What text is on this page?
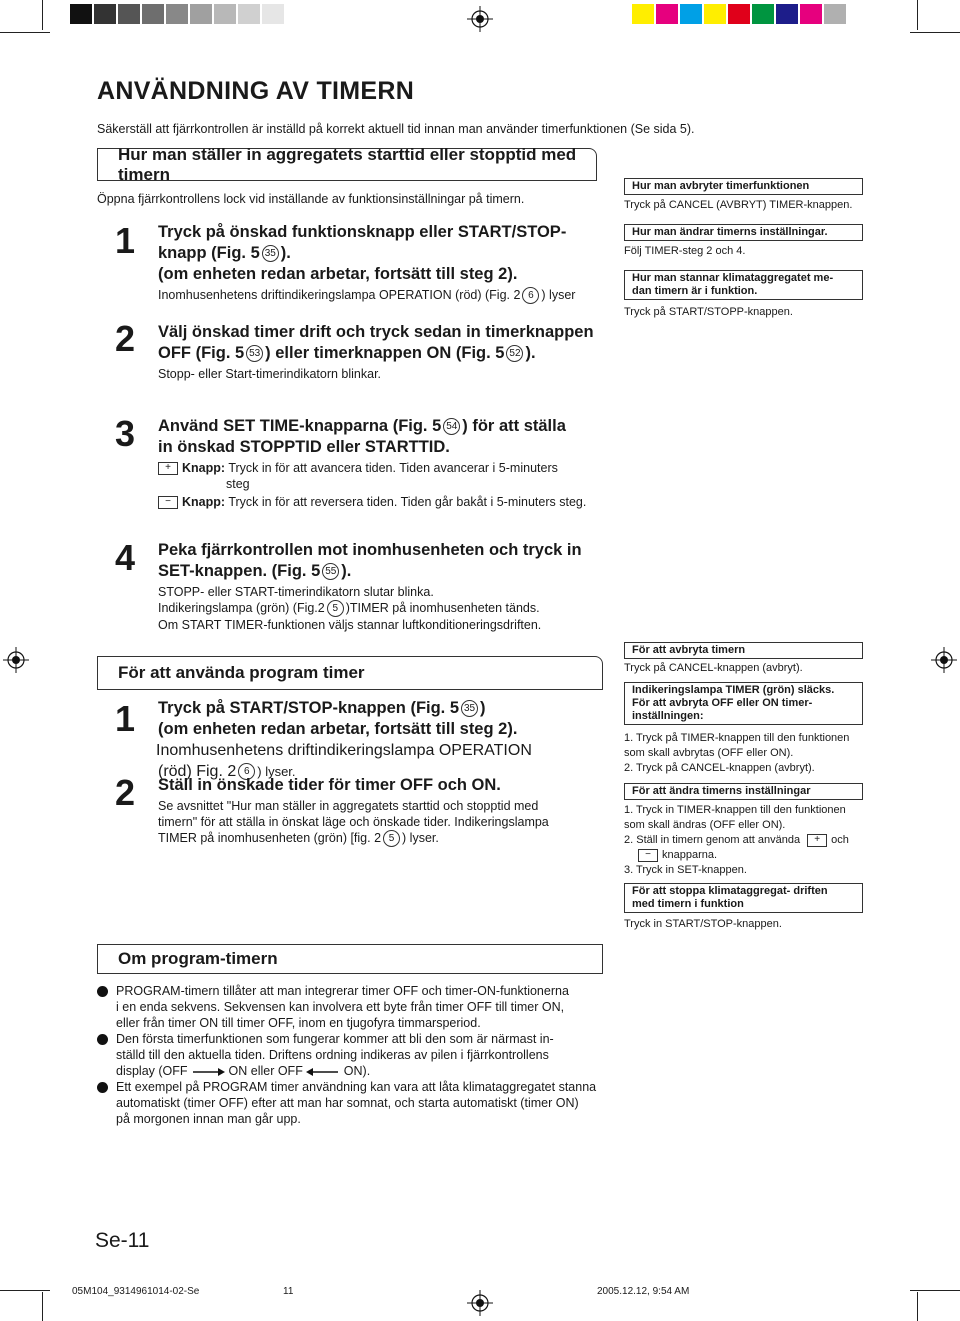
ANVÄNDNING AV TIMERN
Säkerställ att fjärrkontrollen är inställd på korrekt aktuell tid innan man använder timerfunktionen (Se sida 5).
Hur man ställer in aggregatets starttid eller stopptid med timern
Öppna fjärrkontrollens lock vid inställande av funktionsinställningar på timern.
1 Tryck på önskad funktionsknapp eller START/STOP-
knapp (Fig. 5 35 ).
(om enheten redan arbetar, fortsätt till steg 2).
Inomhusenhetens driftindikeringslampa OPERATION (röd) (Fig. 2 6 ) lyser
2 Välj önskad timer drift och tryck sedan in timerknappen
OFF (Fig. 5 53 ) eller timerknappen ON (Fig. 5 52 ).
Stopp- eller Start-timerindikatorn blinkar.
3 Använd SET TIME-knapparna (Fig. 5 54 ) för att ställa
in önskad STOPPTID eller STARTTID.
+ Knapp: Tryck in för att avancera tiden. Tiden avancerar i 5-minuters
steg
− Knapp: Tryck in för att reversera tiden. Tiden går bakåt i 5-minuters steg.
4 Peka fjärrkontrollen mot inomhusenheten och tryck in
SET-knappen. (Fig. 5 55 ).
STOPP- eller START-timerindikatorn slutar blinka.
Indikeringslampa (grön) (Fig.2 5 )TIMER på inomhusenheten tänds.
Om START TIMER-funktionen väljs stannar luftkonditioneringsdriften.
Hur man avbryter timerfunktionen
Tryck på CANCEL (AVBRYT) TIMER-knappen.
Hur man ändrar timerns inställningar.
Följ TIMER-steg 2 och 4.
Hur man stannar klimataggregatet me-
dan timern är i funktion.
Tryck på START/STOPP-knappen.
För att använda program timer
1 Tryck på START/STOP-knappen (Fig. 5 35 )
(om enheten redan arbetar, fortsätt till steg 2).
Inomhusenhetens driftindikeringslampa OPERATION
(röd) Fig. 2 6 ) lyser.
2 Ställ in önskade tider för timer OFF och ON.
Se avsnittet "Hur man ställer in aggregatets starttid och stopptid med
timern" för att ställa in önskat läge och önskade tider. Indikeringslampa
TIMER på inomhusenheten (grön) [fig. 2 5 ) lyser.
För att avbryta timern
Tryck på CANCEL-knappen (avbryt).
Indikeringslampa TIMER (grön) släcks.
För att avbryta OFF eller ON timer-
inställningen:
1. Tryck på TIMER-knappen till den funktionen
som skall avbrytas (OFF eller ON).
2. Tryck på CANCEL-knappen (avbryt).
För att ändra timerns inställningar
1. Tryck in TIMER-knappen till den funktionen
som skall ändras (OFF eller ON).
2. Ställ in timern genom att använda + och
− knapparna.
3. Tryck in SET-knappen.
För att stoppa klimataggregat- driften
med timern i funktion
Tryck in START/STOP-knappen.
Om program-timern
PROGRAM-timern tillåter att man integrerar timer OFF och timer-ON-funktionerna
i en enda sekvens. Sekvensen kan involvera ett byte från timer OFF till timer ON,
eller från timer ON till timer OFF, inom en tjugofyra timmarsperiod.
Den första timerfunktionen som fungerar kommer att bli den som är närmast in-
ställd till den aktuella tiden. Driftens ordning indikeras av pilen i fjärrkontrollens
display (OFF	ON eller OFF	ON).
Ett exempel på PROGRAM timer användning kan vara att låta klimataggregatet stanna
automatiskt (timer OFF) efter att man har somnat, och starta automatiskt (timer ON)
på morgonen innan man går upp.
Se-11
05M104_9314961014-02-Se	11	2005.12.12, 9:54 AM
